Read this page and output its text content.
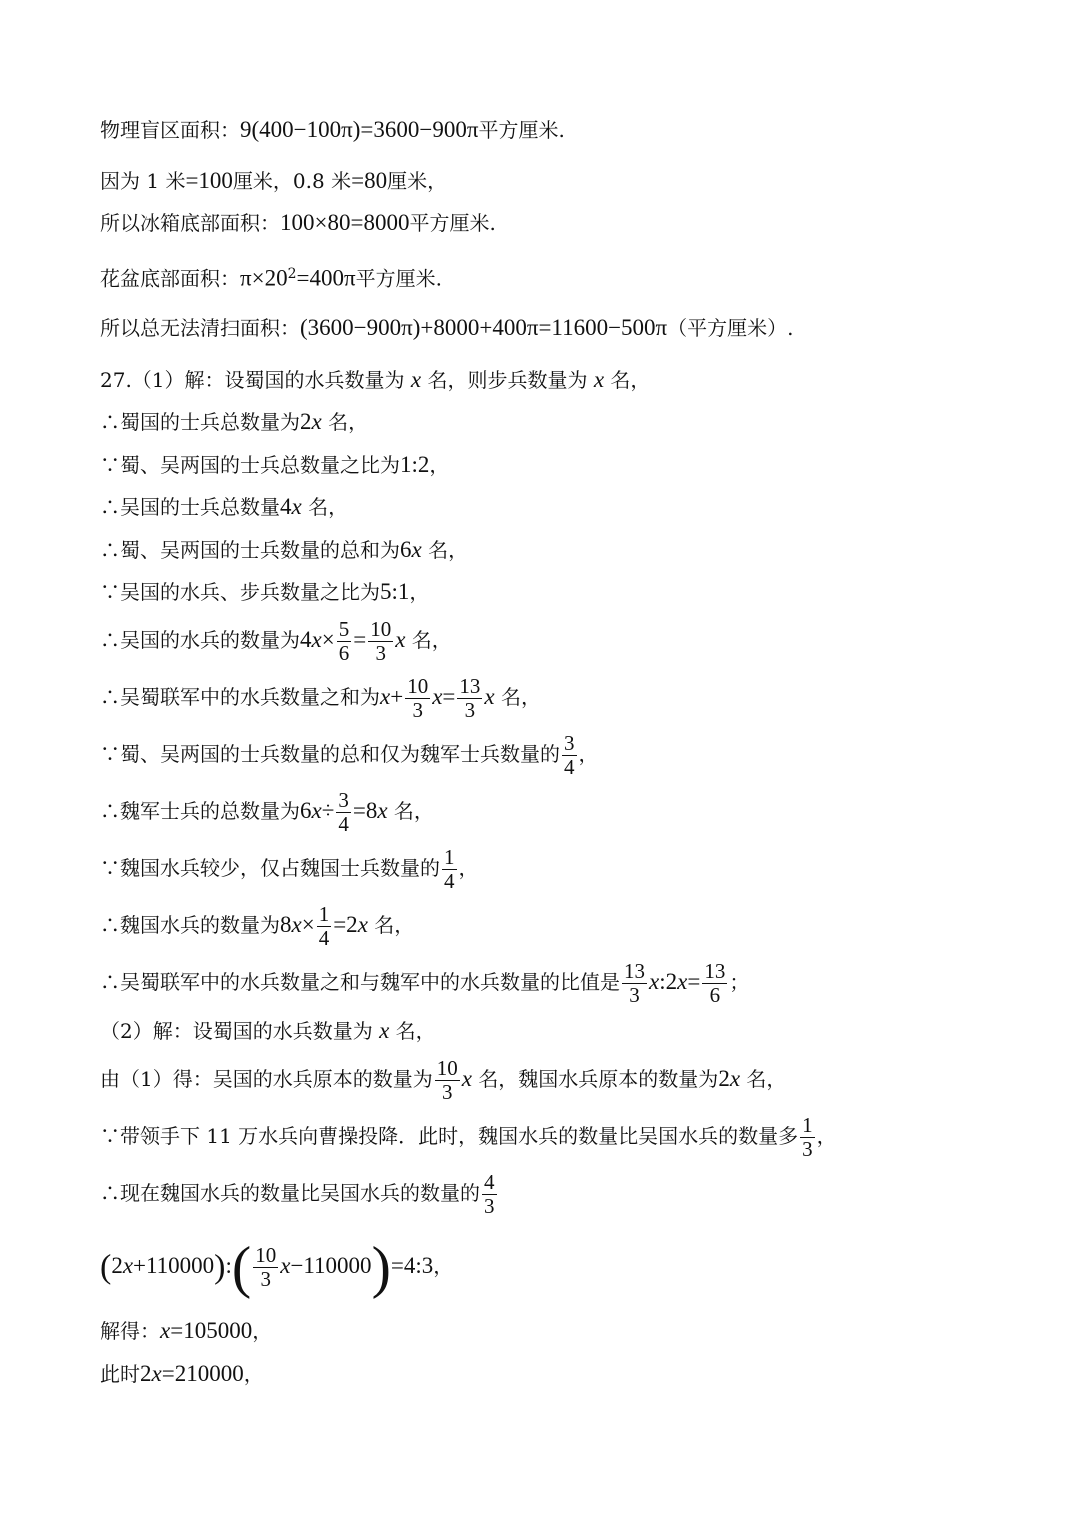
物理盲区面积：9(400−100π)=3600−900π平方厘米.
因为 1 米=100厘米，0.8 米=80厘米，
所以冰箱底部面积：100×80=8000平方厘米.
花盆底部面积：$\pi\times 20^2=400\pi$平方厘米.
所以总无法清扫面积：(3600−900π)+8000+400π=11600−500π（平方厘米）.
27.（1）解：设蜀国的水兵数量为 x 名，则步兵数量为 x 名，
∴蜀国的士兵总数量为2x 名，
∵蜀、吴两国的士兵总数量之比为1:2，
∴吴国的士兵总数量4x 名，
∴蜀、吴两国的士兵数量的总和为6x 名，
∵吴国的水兵、步兵数量之比为5:1，
∴吴国的水兵的数量为$4x\times \frac{5}{6} = \frac{10}{3}$ x 名，
∴吴蜀联军中的水兵数量之和为$x+ \frac{10}{3} x= \frac{13}{3}$ x 名，
∵蜀、吴两国的士兵数量的总和仅为魏军士兵数量的 $\frac{3}{4}$ ，
∴魏军士兵的总数量为$6x\div \frac{3}{4} =8x$ 名，
∵魏国水兵较少，仅占魏国士兵数量的 $\frac{1}{4}$ ，
∴魏国水兵的数量为$8x\times \frac{1}{4} =2x$ 名，
∴吴蜀联军中的水兵数量之和与魏军中的水兵数量的比值是 $\frac{13}{3}$ x:2x= $\frac{13}{6}$ ；
（2）解：设蜀国的水兵数量为 x 名，
由（1）得：吴国的水兵原本的数量为 $\frac{10}{3}$ x 名，魏国水兵原本的数量为2x 名，
∵带领手下 11 万水兵向曹操投降．此时，魏国水兵的数量比吴国水兵的数量多 $\frac{1}{3}$ ，
∴现在魏国水兵的数量比吴国水兵的数量的 $\frac{4}{3}$
(2x+110000):( $\frac{10}{3}$ x−110000)=4:3，
解得：x=105000，
此时2x=210000，
